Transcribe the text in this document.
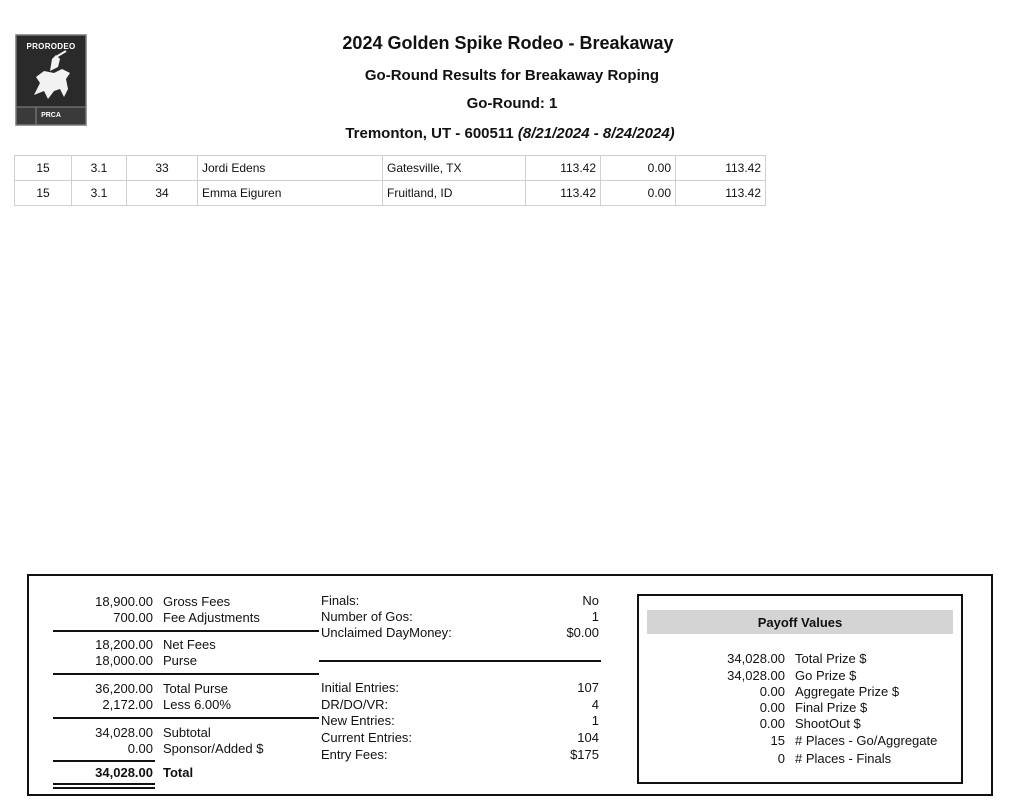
PRORODEO
PRCA
2024 Golden Spike Rodeo - Breakaway
Go-Round Results for Breakaway Roping
Go-Round: 1
Tremonton, UT - 600511 (8/21/2024 - 8/24/2024)
15	3.1	33	Jordi Edens	Gatesville, TX	113.42	0.00	113.42
15	3.1	34	Emma Eiguren	Fruitland, ID	113.42	0.00	113.42
18,900.00 Gross Fees
700.00 Fee Adjustments
18,200.00 Net Fees
18,000.00 Purse
36,200.00 Total Purse
2,172.00 Less 6.00%
34,028.00 Subtotal
0.00 Sponsor/Added $
34,028.00 Total
Finals:	No
Number of Gos:	1
Unclaimed DayMoney:	$0.00
Initial Entries:	107
DR/DO/VR:	4
New Entries:	1
Current Entries:	104
Entry Fees:	$175
Payoff Values
34,028.00 Total Prize $
34,028.00 Go Prize $
0.00 Aggregate Prize $
0.00 Final Prize $
0.00 ShootOut $
15 # Places - Go/Aggregate
0 # Places - Finals
